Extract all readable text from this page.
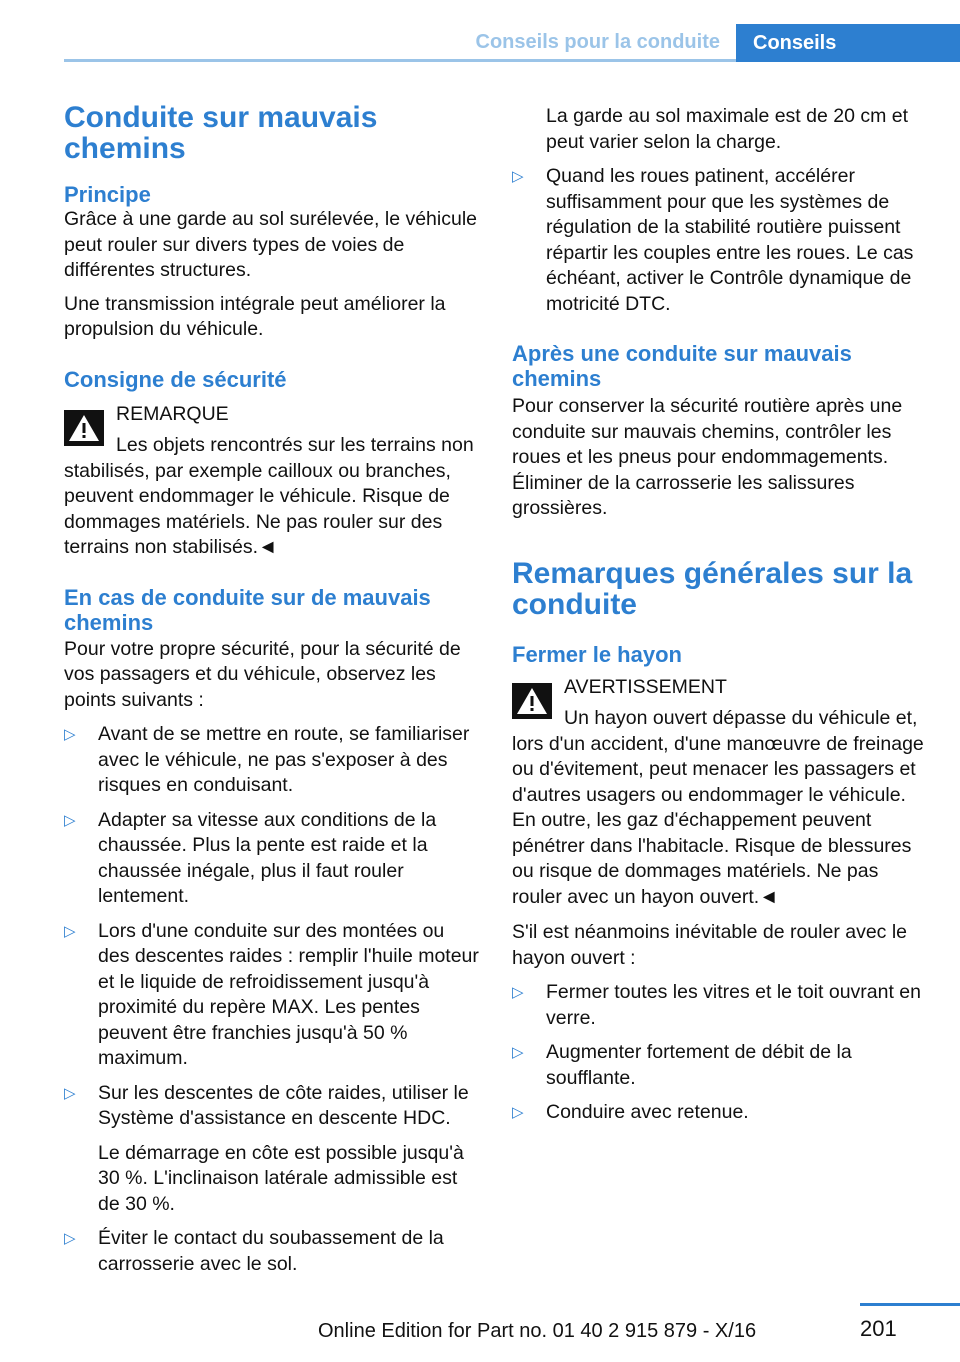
Conseils pour la conduite	Conseils
Conduite sur mauvais chemins
Principe

Grâce à une garde au sol surélevée, le véhicule peut rouler sur divers types de voies de différentes structures.

Une transmission intégrale peut améliorer la propulsion du véhicule.

Consigne de sécurité

REMARQUE

Les objets rencontrés sur les terrains non stabilisés, par exemple cailloux ou branches, peuvent endommager le véhicule. Risque de dommages matériels. Ne pas rouler sur des terrains non stabilisés.◄

En cas de conduite sur de mauvais chemins

Pour votre propre sécurité, pour la sécurité de vos passagers et du véhicule, observez les points suivants :

▷ Avant de se mettre en route, se familiariser avec le véhicule, ne pas s'exposer à des risques en conduisant.
▷ Adapter sa vitesse aux conditions de la chaussée. Plus la pente est raide et la chaussée inégale, plus il faut rouler lentement.
▷ Lors d'une conduite sur des montées ou des descentes raides : remplir l'huile moteur et le liquide de refroidissement jusqu'à proximité du repère MAX. Les pentes peuvent être franchies jusqu'à 50 % maximum.
▷ Sur les descentes de côte raides, utiliser le Système d'assistance en descente HDC.
Le démarrage en côte est possible jusqu'à 30 %. L'inclinaison latérale admissible est de 30 %.
▷ Éviter le contact du soubassement de la carrosserie avec le sol.

La garde au sol maximale est de 20 cm et peut varier selon la charge.

▷ Quand les roues patinent, accélérer suffisamment pour que les systèmes de régulation de la stabilité routière puissent répartir les couples entre les roues. Le cas échéant, activer le Contrôle dynamique de motricité DTC.
Après une conduite sur mauvais chemins

Pour conserver la sécurité routière après une conduite sur mauvais chemins, contrôler les roues et les pneus pour endommagements. Éliminer de la carrosserie les salissures grossières.

Remarques générales sur la conduite
Fermer le hayon

AVERTISSEMENT

Un hayon ouvert dépasse du véhicule et, lors d'un accident, d'une manœuvre de freinage ou d'évitement, peut menacer les passagers et d'autres usagers ou endommager le véhicule. En outre, les gaz d'échappement peuvent pénétrer dans l'habitacle. Risque de blessures ou risque de dommages matériels. Ne pas rouler avec un hayon ouvert.◄

S'il est néanmoins inévitable de rouler avec le hayon ouvert :

▷ Fermer toutes les vitres et le toit ouvrant en verre.
▷ Augmenter fortement de débit de la soufflante.
▷ Conduire avec retenue.
201
Online Edition for Part no. 01 40 2 915 879 - X/16
